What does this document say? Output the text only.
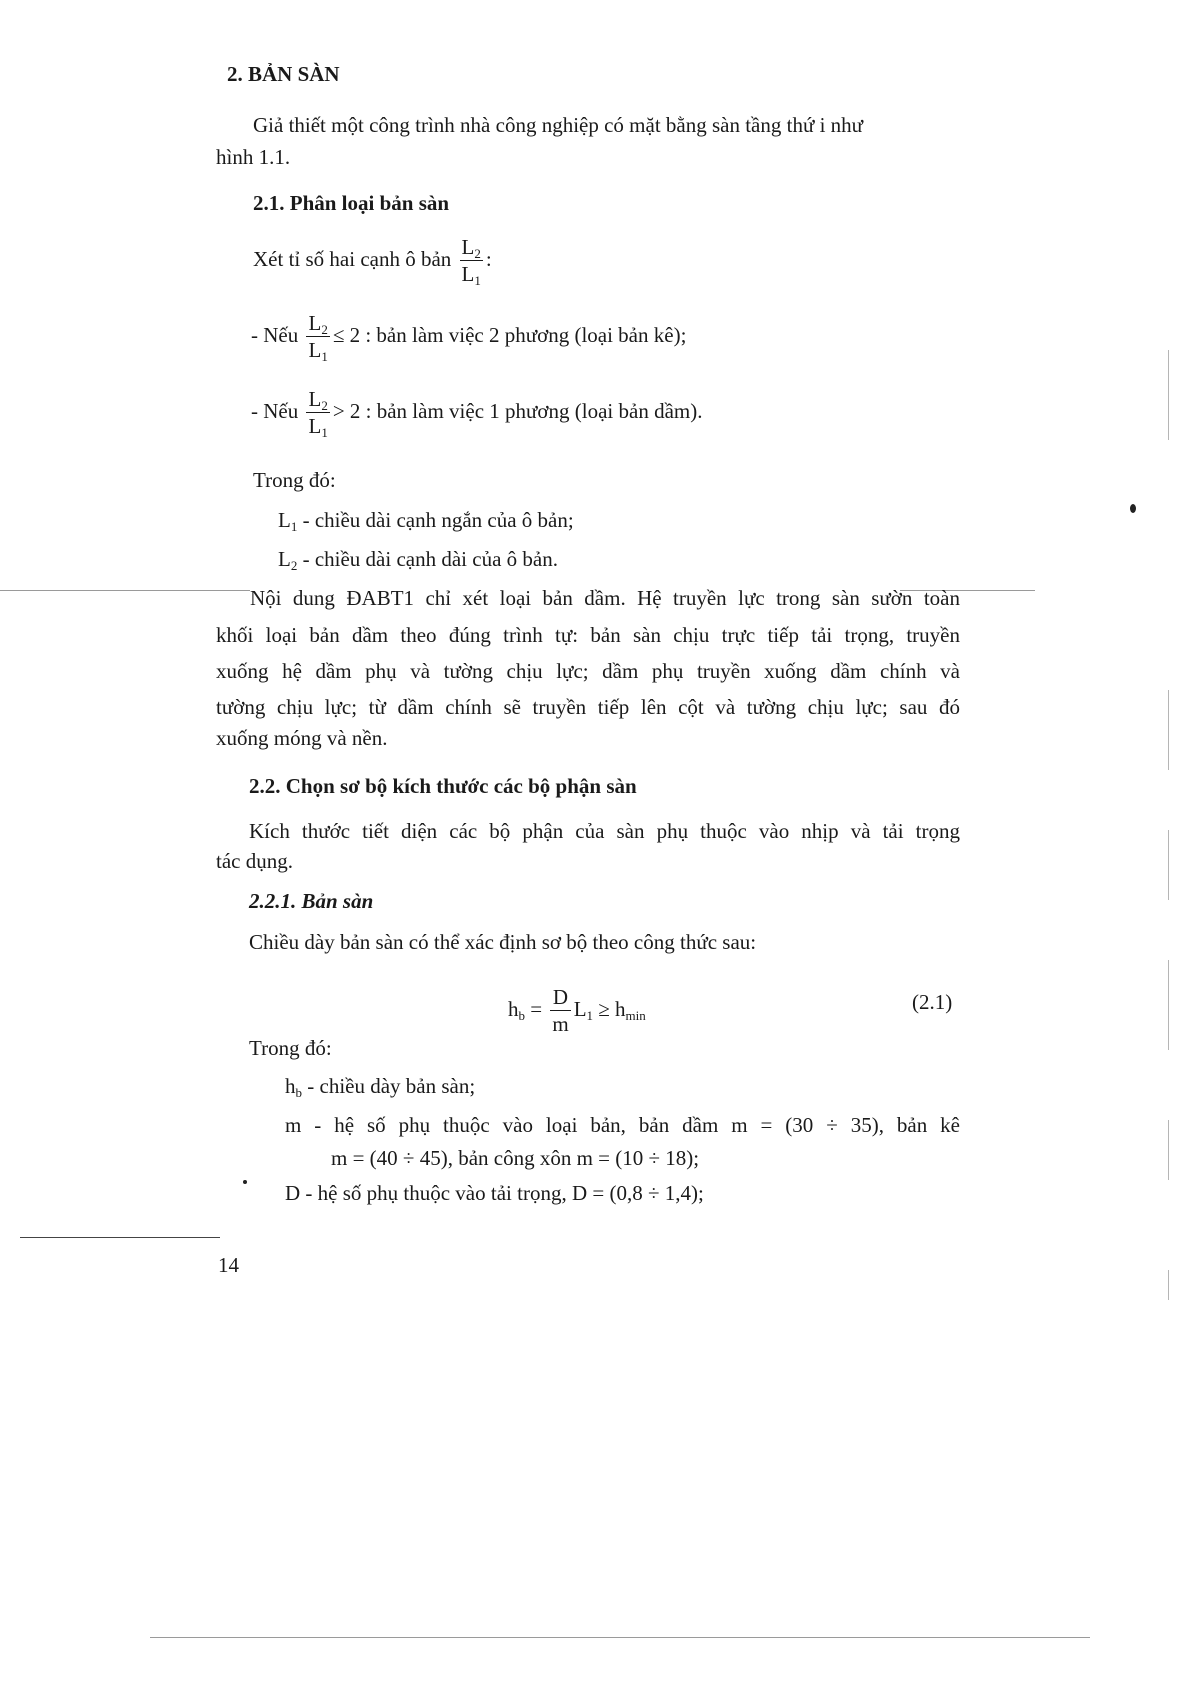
2. BẢN SÀN
Giả thiết một công trình nhà công nghiệp có mặt bằng sàn tầng thứ i như
hình 1.1.
2.1. Phân loại bản sàn
Xét tỉ số hai cạnh ô bản $\frac{L_2}{L_1}$ :
- Nếu $\frac{L_2}{L_1} \le 2$ : bản làm việc 2 phương (loại bản kê);
- Nếu $\frac{L_2}{L_1} > 2$ : bản làm việc 1 phương (loại bản dầm).
Trong đó:
$L_1$ - chiều dài cạnh ngắn của ô bản;
$L_2$ - chiều dài cạnh dài của ô bản.
Nội dung ĐABT1 chỉ xét loại bản dầm. Hệ truyền lực trong sàn sườn toàn
khối loại bản dầm theo đúng trình tự: bản sàn chịu trực tiếp tải trọng, truyền
xuống hệ dầm phụ và tường chịu lực; dầm phụ truyền xuống dầm chính và
tường chịu lực; từ dầm chính sẽ truyền tiếp lên cột và tường chịu lực; sau đó
xuống móng và nền.
2.2. Chọn sơ bộ kích thước các bộ phận sàn
Kích thước tiết diện các bộ phận của sàn phụ thuộc vào nhịp và tải trọng
tác dụng.
2.2.1. Bản sàn
Chiều dày bản sàn có thể xác định sơ bộ theo công thức sau:
$h_b = \frac{D}{m} L_1 \ge h_{min}$
(2.1)
Trong đó:
$h_b$ - chiều dày bản sàn;
m - hệ số phụ thuộc vào loại bản, bản dầm m = (30 ÷ 35), bản kê
m = (40 ÷ 45), bản công xôn m = (10 ÷ 18);
D - hệ số phụ thuộc vào tải trọng, D = (0,8 ÷ 1,4);
14
